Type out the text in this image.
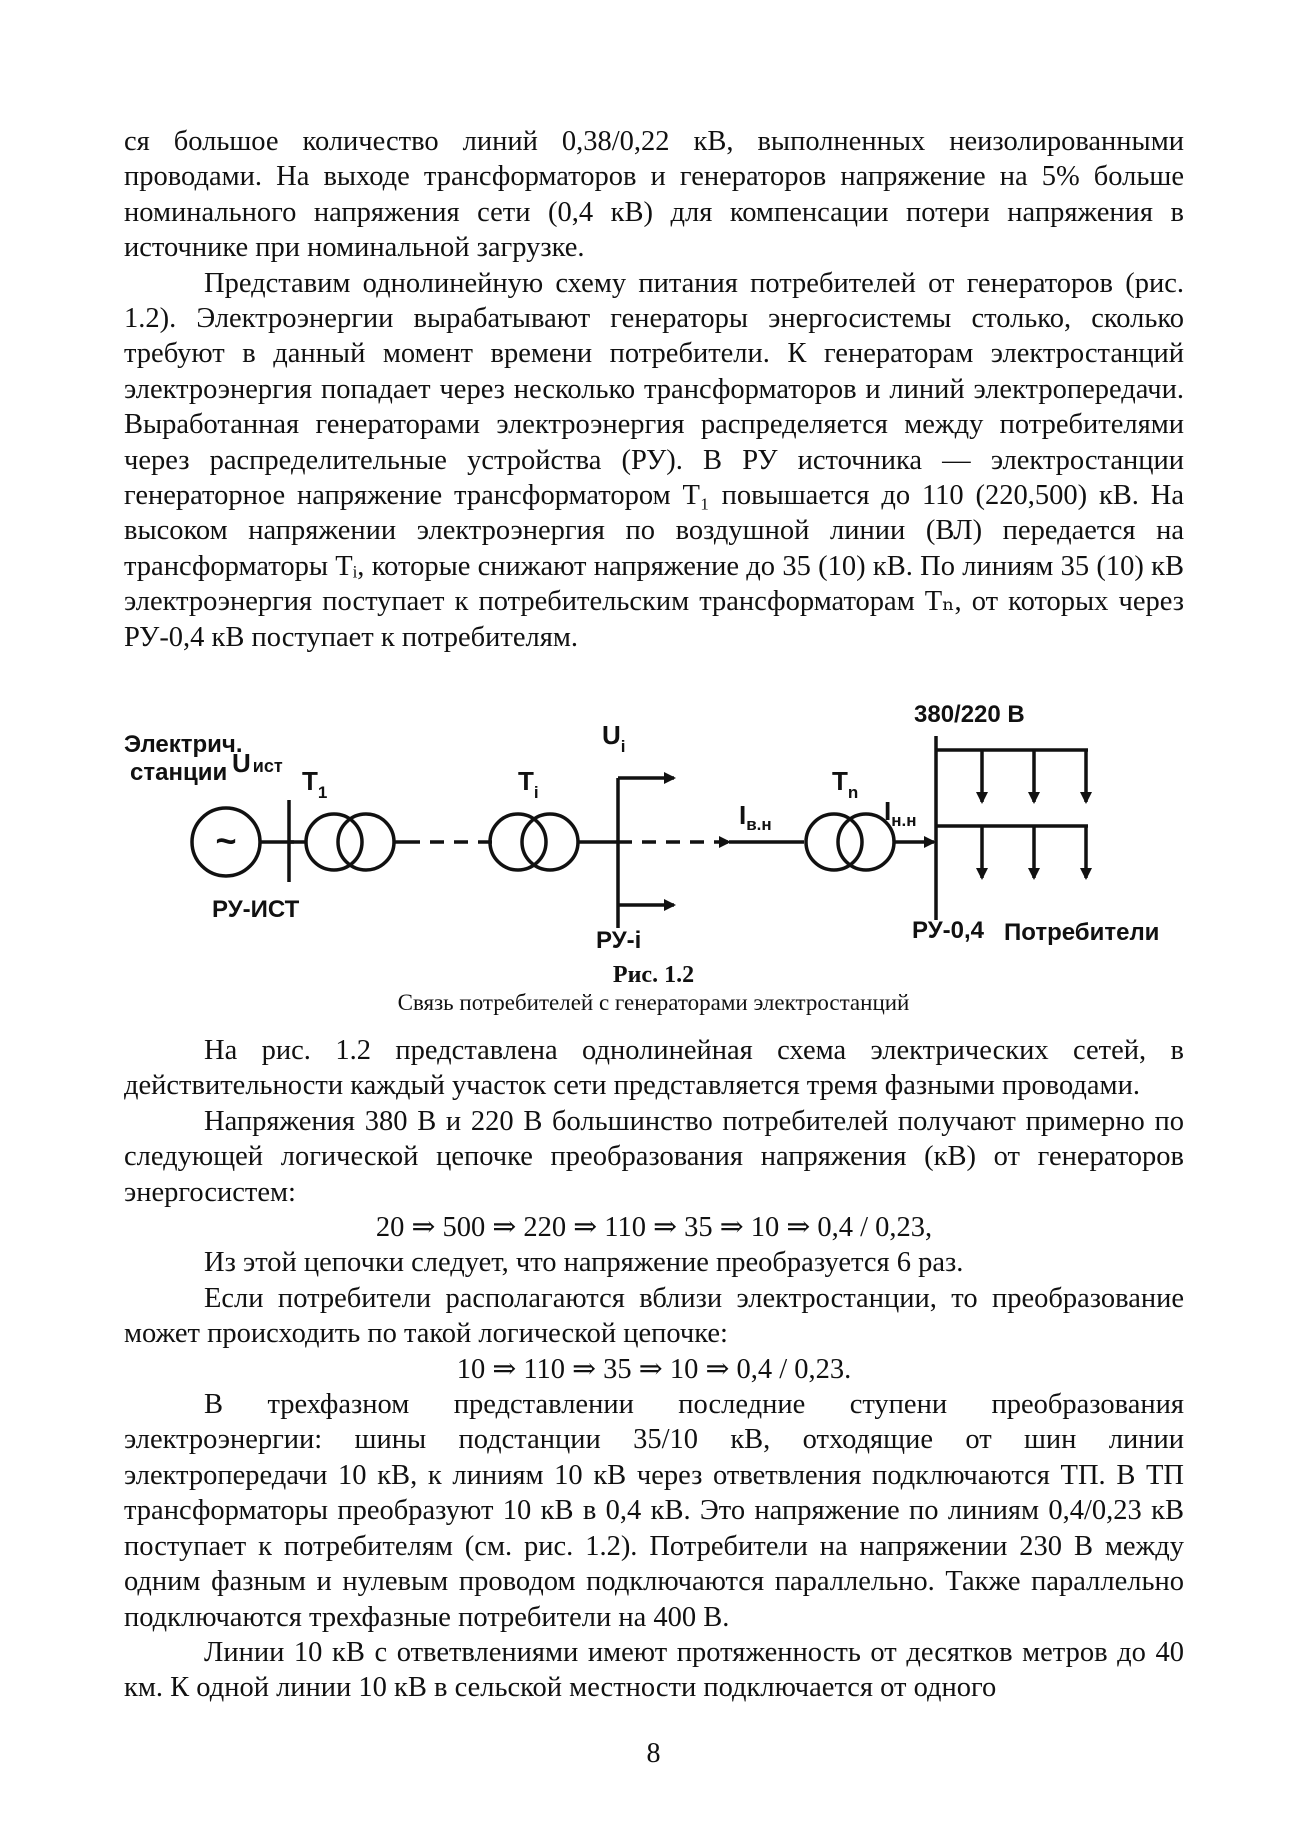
ся большое количество линий 0,38/0,22 кВ, выполненных неизолированными проводами. На выходе трансформаторов и генераторов напряжение на 5% больше номинального напряжения сети (0,4 кВ) для компенсации потери напряжения в источнике при номинальной загрузке.

Представим однолинейную схему питания потребителей от генераторов (рис. 1.2). Электроэнергии вырабатывают генераторы энергосистемы столько, сколько требуют в данный момент времени потребители. К генераторам электростанций электроэнергия попадает через несколько трансформаторов и линий электропередачи. Выработанная генераторами электроэнергия распределяется между потребителями через распределительные устройства (РУ). В РУ источника — электростанции генераторное напряжение трансформатором Т₁ повышается до 110 (220,500) кВ. На высоком напряжении электроэнергия по воздушной линии (ВЛ) передается на трансформаторы Тᵢ, которые снижают напряжение до 35 (10) кВ. По линиям 35 (10) кВ электроэнергия поступает к потребительским трансформаторам Тₙ, от которых через РУ-0,4 кВ поступает к потребителям.

~
Электрич.
станции U ист $T_1$	$T_i$
$U_i$
$I_{в.н}$
$T_n$
$I_{н.н}$
380/220 В
РУ-ИСТ
РУ-i	РУ-0,4 Потребители
Рис. 1.2
Связь потребителей с генераторами электростанций

На рис. 1.2 представлена однолинейная схема электрических сетей, в действительности каждый участок сети представляется тремя фазными проводами.

Напряжения 380 В и 220 В большинство потребителей получают примерно по следующей логической цепочке преобразования напряжения (кВ) от генераторов энергосистем:

20 ⇒ 500 ⇒ 220 ⇒ 110 ⇒ 35 ⇒ 10 ⇒ 0,4 / 0,23,

Из этой цепочки следует, что напряжение преобразуется 6 раз.

Если потребители располагаются вблизи электростанции, то преобразование может происходить по такой логической цепочке:

10 ⇒ 110 ⇒ 35 ⇒ 10 ⇒ 0,4 / 0,23.

В трехфазном представлении последние ступени преобразования электроэнергии: шины подстанции 35/10 кВ, отходящие от шин линии электропередачи 10 кВ, к линиям 10 кВ через ответвления подключаются ТП. В ТП трансформаторы преобразуют 10 кВ в 0,4 кВ. Это напряжение по линиям 0,4/0,23 кВ поступает к потребителям (см. рис. 1.2). Потребители на напряжении 230 В между одним фазным и нулевым проводом подключаются параллельно. Также параллельно подключаются трехфазные потребители на 400 В.

Линии 10 кВ с ответвлениями имеют протяженность от десятков метров до 40 км. К одной линии 10 кВ в сельской местности подключается от одного

8
